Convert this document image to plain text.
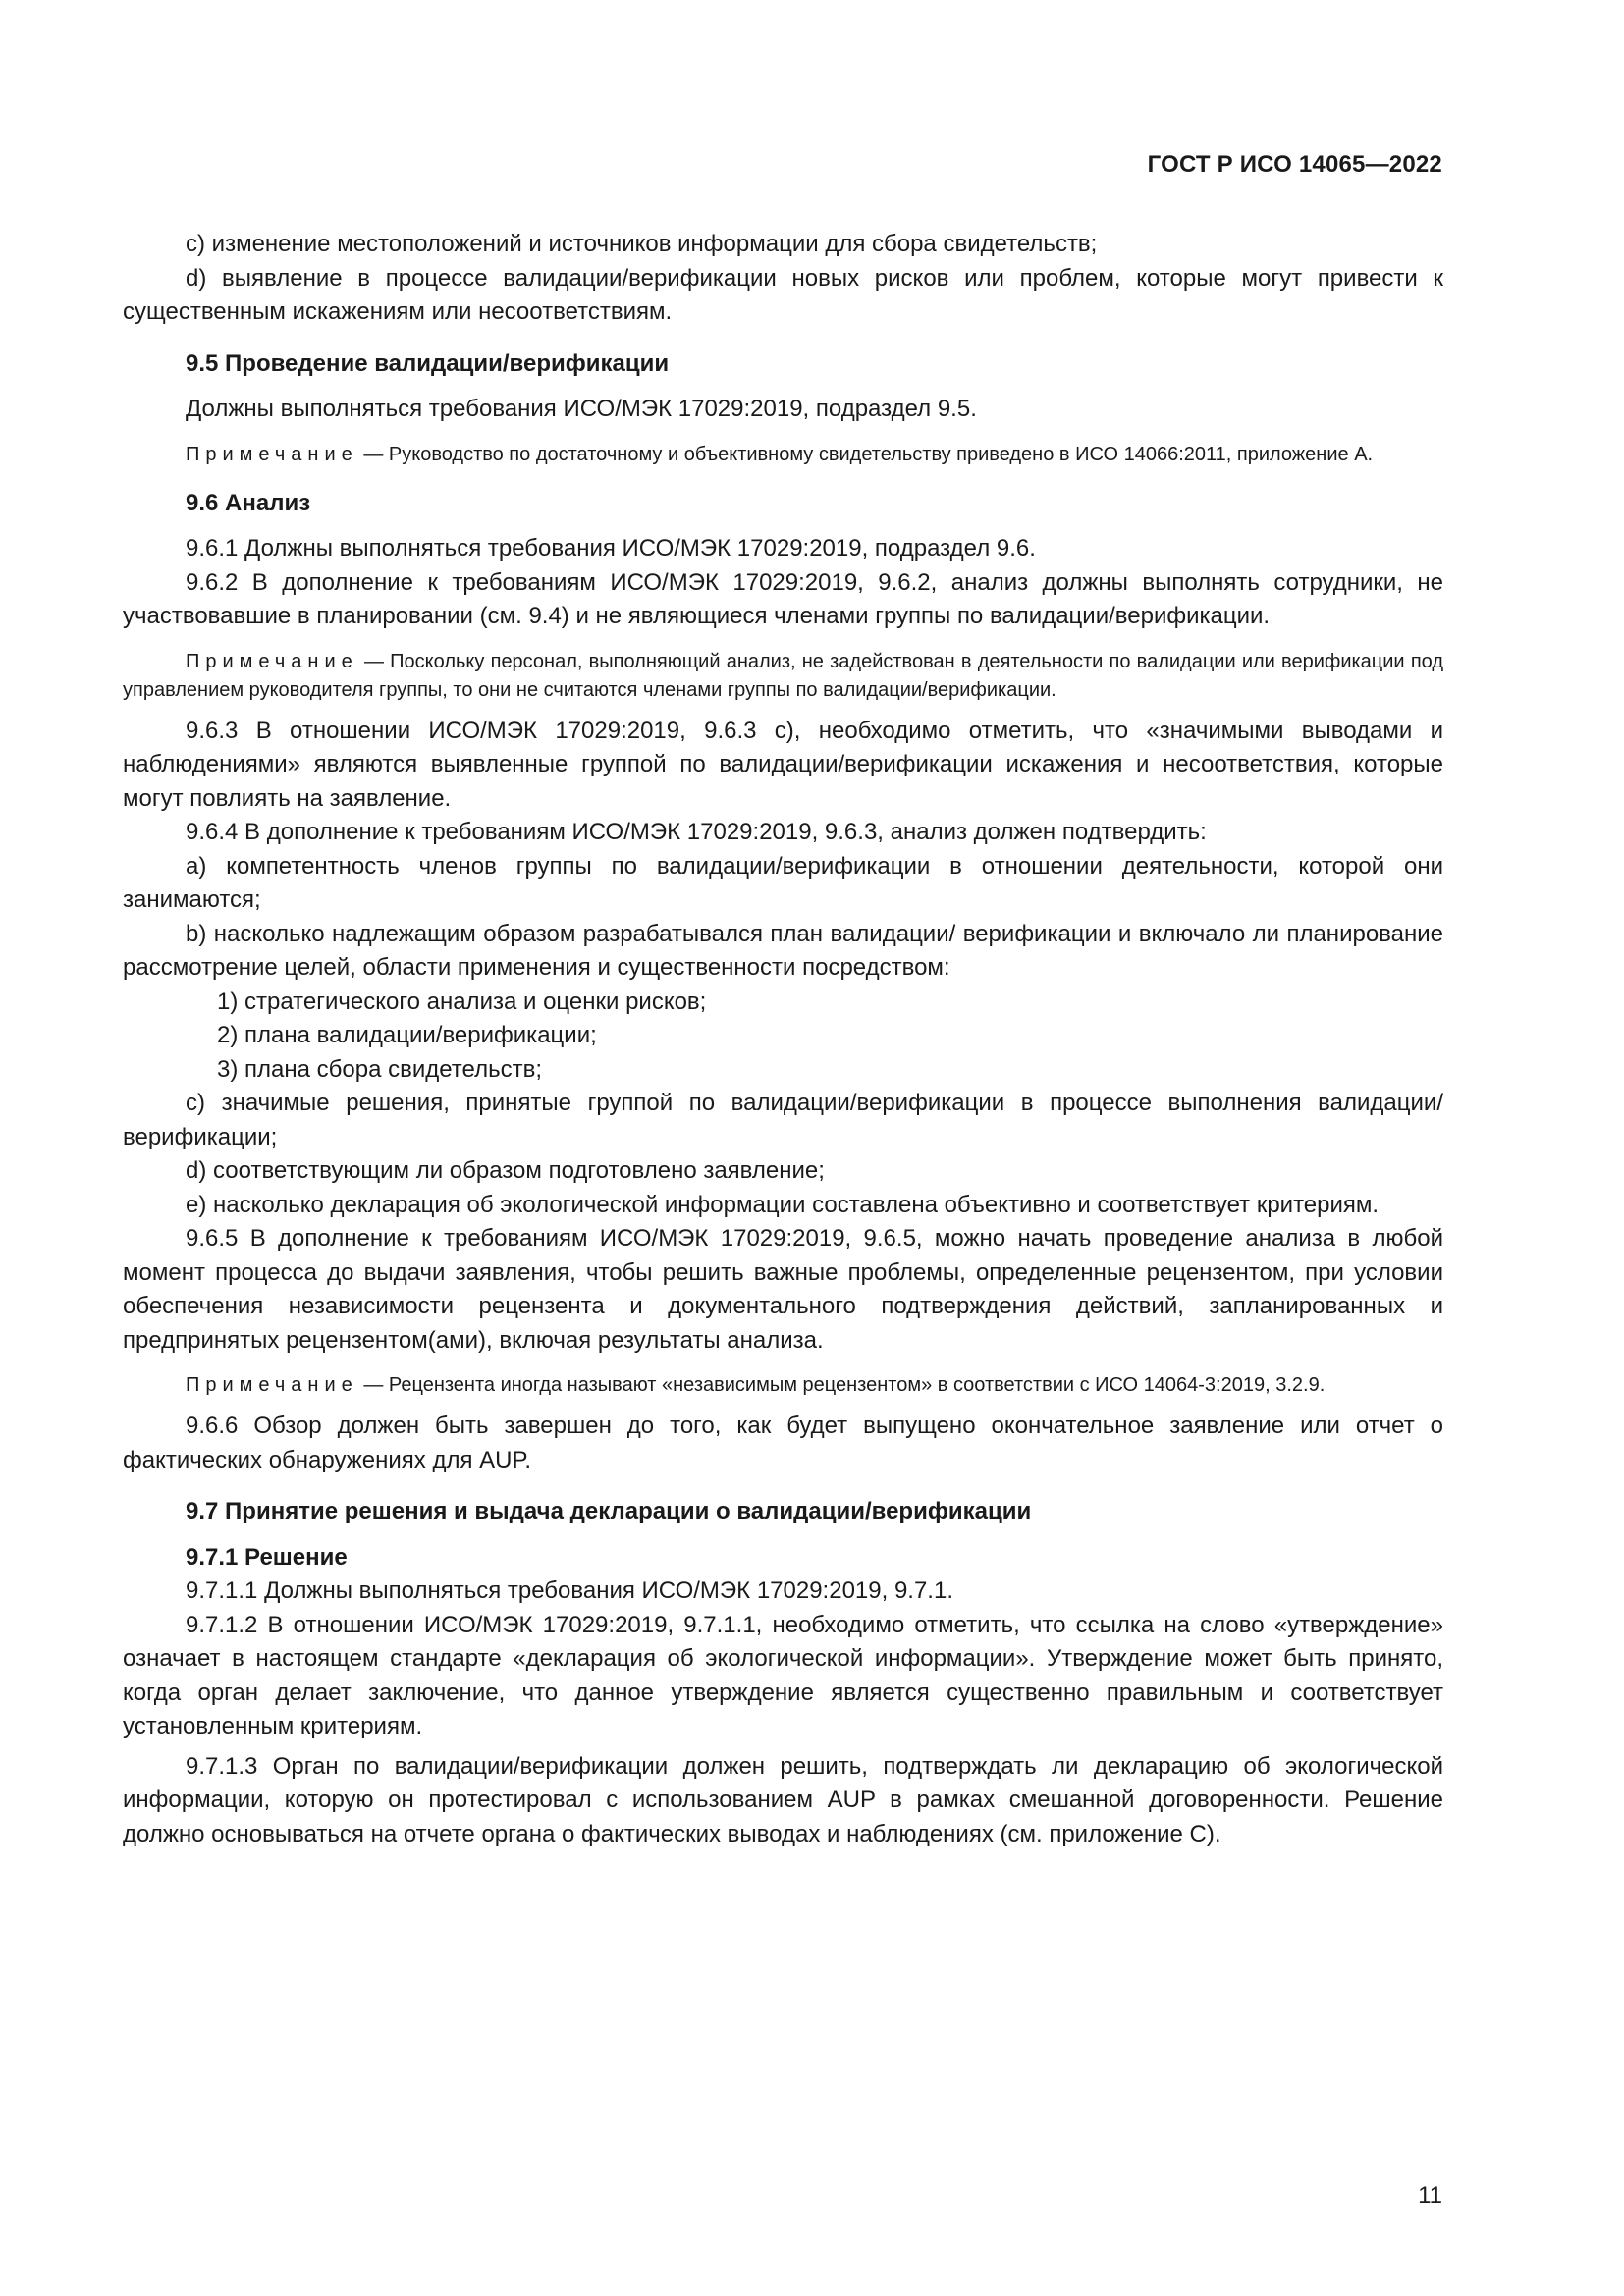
ГОСТ Р ИСО 14065—2022

c) изменение местоположений и источников информации для сбора свидетельств;

d) выявление в процессе валидации/верификации новых рисков или проблем, которые могут привести к существенным искажениям или несоответствиям.

9.5 Проведение валидации/верификации

Должны выполняться требования ИСО/МЭК 17029:2019, подраздел 9.5.

Примечание — Руководство по достаточному и объективному свидетельству приведено в ИСО 14066:2011, приложение А.

9.6 Анализ

9.6.1 Должны выполняться требования ИСО/МЭК 17029:2019, подраздел 9.6.

9.6.2 В дополнение к требованиям ИСО/МЭК 17029:2019, 9.6.2, анализ должны выполнять сотрудники, не участвовавшие в планировании (см. 9.4) и не являющиеся членами группы по валидации/верификации.

Примечание — Поскольку персонал, выполняющий анализ, не задействован в деятельности по валидации или верификации под управлением руководителя группы, то они не считаются членами группы по валидации/верификации.

9.6.3 В отношении ИСО/МЭК 17029:2019, 9.6.3 c), необходимо отметить, что «значимыми выводами и наблюдениями» являются выявленные группой по валидации/верификации искажения и несоответствия, которые могут повлиять на заявление.

9.6.4 В дополнение к требованиям ИСО/МЭК 17029:2019, 9.6.3, анализ должен подтвердить:

a) компетентность членов группы по валидации/верификации в отношении деятельности, которой они занимаются;

b) насколько надлежащим образом разрабатывался план валидации/ верификации и включало ли планирование рассмотрение целей, области применения и существенности посредством:

1) стратегического анализа и оценки рисков;

2) плана валидации/верификации;

3) плана сбора свидетельств;

c) значимые решения, принятые группой по валидации/верификации в процессе выполнения валидации/верификации;

d) соответствующим ли образом подготовлено заявление;

e) насколько декларация об экологической информации составлена объективно и соответствует критериям.

9.6.5 В дополнение к требованиям ИСО/МЭК 17029:2019, 9.6.5, можно начать проведение анализа в любой момент процесса до выдачи заявления, чтобы решить важные проблемы, определенные рецензентом, при условии обеспечения независимости рецензента и документального подтверждения действий, запланированных и предпринятых рецензентом(ами), включая результаты анализа.

Примечание — Рецензента иногда называют «независимым рецензентом» в соответствии с ИСО 14064-3:2019, 3.2.9.

9.6.6 Обзор должен быть завершен до того, как будет выпущено окончательное заявление или отчет о фактических обнаружениях для AUP.

9.7 Принятие решения и выдача декларации о валидации/верификации

9.7.1 Решение

9.7.1.1 Должны выполняться требования ИСО/МЭК 17029:2019, 9.7.1.

9.7.1.2 В отношении ИСО/МЭК 17029:2019, 9.7.1.1, необходимо отметить, что ссылка на слово «утверждение» означает в настоящем стандарте «декларация об экологической информации». Утверждение может быть принято, когда орган делает заключение, что данное утверждение является существенно правильным и соответствует установленным критериям.

9.7.1.3 Орган по валидации/верификации должен решить, подтверждать ли декларацию об экологической информации, которую он протестировал с использованием AUP в рамках смешанной договоренности. Решение должно основываться на отчете органа о фактических выводах и наблюдениях (см. приложение С).

11
